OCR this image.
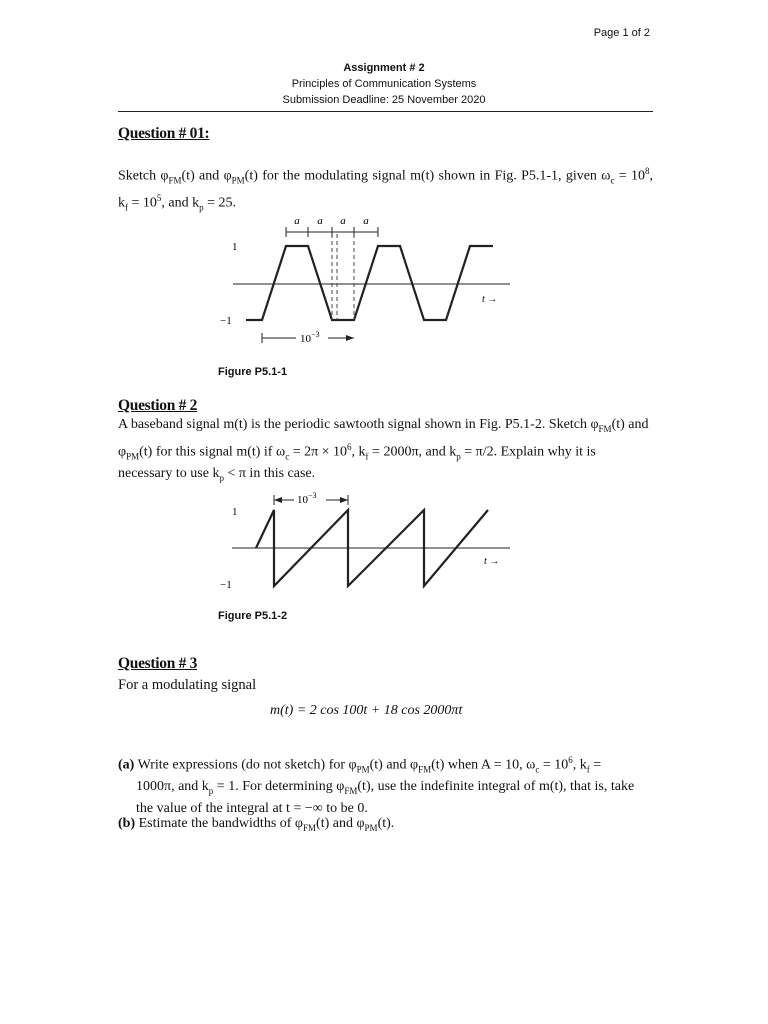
Page 1 of 2
Assignment # 2
Principles of Communication Systems
Submission Deadline: 25 November 2020
Question # 01:
Sketch $\varphi_{FM}(t)$ and $\varphi_{PM}(t)$ for the modulating signal m(t) shown in Fig. P5.1-1, given $\omega_c = 10^8$, $k_f = 10^5$, and $k_p = 25$.
a a a a
1
−1
t →
$10^{-3}$
Figure P5.1-1
Question # 2
A baseband signal m(t) is the periodic sawtooth signal shown in Fig. P5.1-2. Sketch $\varphi_{FM}(t)$ and
$\varphi_{PM}(t)$ for this signal m(t) if $\omega_c = 2\pi \times 10^6$, $k_f = 2000\pi$, and $k_p = \pi/2$. Explain why it is
necessary to use $k_p < \pi$ in this case.
$10^{-3}$
1
−1
t →
Figure P5.1-2
Question # 3
For a modulating signal
m(t) = 2 cos 100t + 18 cos 2000πt
(a) Write expressions (do not sketch) for $\varphi_{PM}(t)$ and $\varphi_{FM}(t)$ when A = 10, $\omega_c = 10^6$, $k_f$ =
1000π, and $k_p = 1$. For determining $\varphi_{FM}(t)$, use the indefinite integral of m(t), that is, take
the value of the integral at t = −∞ to be 0.
(b) Estimate the bandwidths of $\varphi_{FM}(t)$ and $\varphi_{PM}(t)$.
